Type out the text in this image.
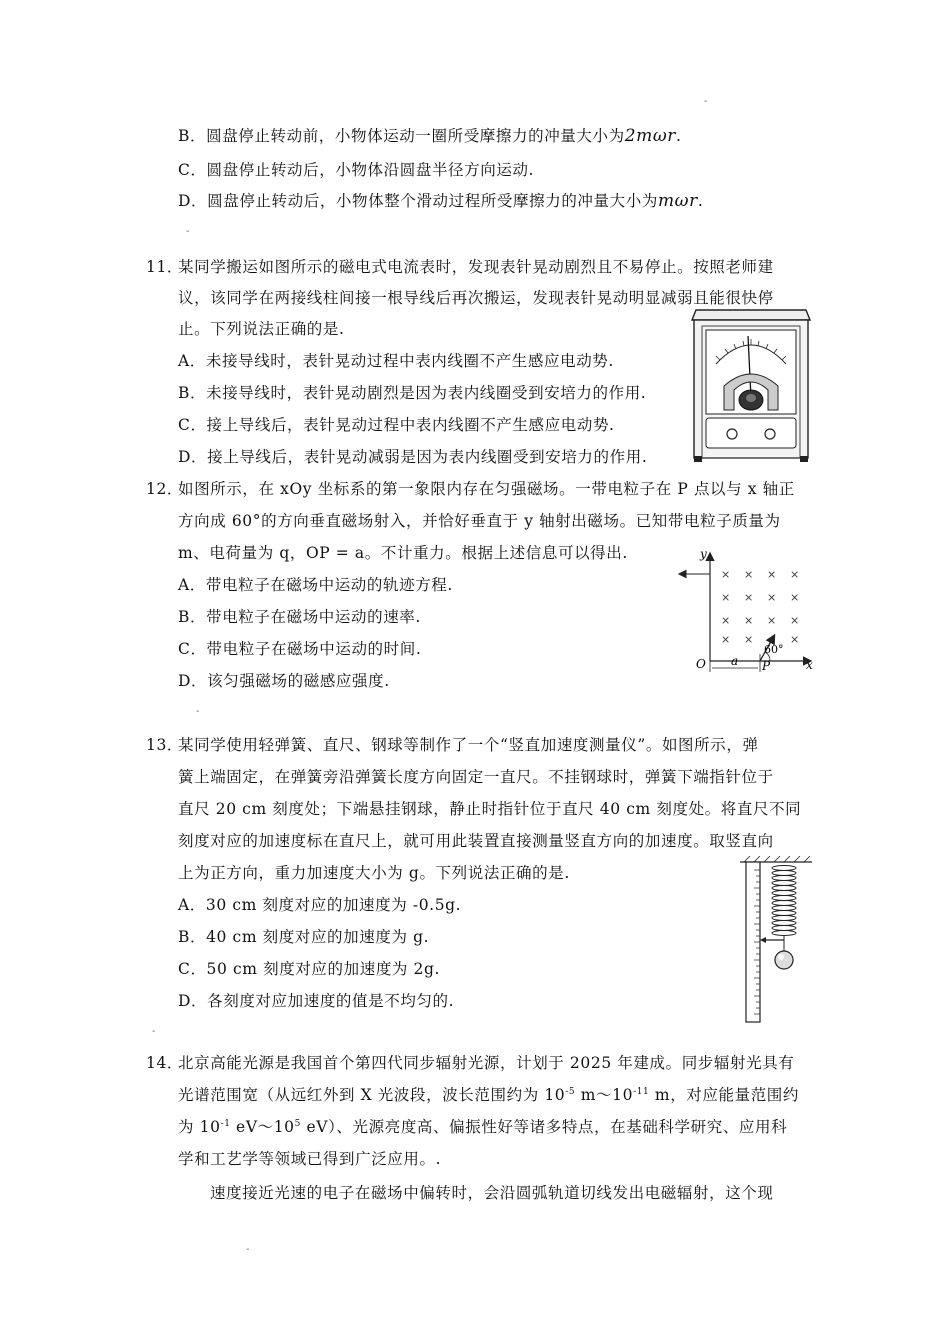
-
-
-
-
-
B．圆盘停止转动前，小物体运动一圈所受摩擦力的冲量大小为2mωr.
C．圆盘停止转动后，小物体沿圆盘半径方向运动.
D．圆盘停止转动后，小物体整个滑动过程所受摩擦力的冲量大小为mωr.
11．
某同学搬运如图所示的磁电式电流表时，发现表针晃动剧烈且不易停止。按照老师建
议，该同学在两接线柱间接一根导线后再次搬运，发现表针晃动明显减弱且能很快停
止。下列说法正确的是.
A．未接导线时，表针晃动过程中表内线圈不产生感应电动势.
B．未接导线时，表针晃动剧烈是因为表内线圈受到安培力的作用.
C．接上导线后，表针晃动过程中表内线圈不产生感应电动势.
D．接上导线后，表针晃动减弱是因为表内线圈受到安培力的作用.
12．
如图所示，在 xOy 坐标系的第一象限内存在匀强磁场。一带电粒子在 P 点以与 x 轴正
方向成 60°的方向垂直磁场射入，并恰好垂直于 y 轴射出磁场。已知带电粒子质量为
m、电荷量为 q，OP = a。不计重力。根据上述信息可以得出.
A．带电粒子在磁场中运动的轨迹方程.
B．带电粒子在磁场中运动的速率.
C．带电粒子在磁场中运动的时间.
D．该匀强磁场的磁感应强度.
y
x
O
× × × ×
× × × ×
× × × ×
× ×	×
60°
a P
13．
某同学使用轻弹簧、直尺、钢球等制作了一个“竖直加速度测量仪”。如图所示，弹
簧上端固定，在弹簧旁沿弹簧长度方向固定一直尺。不挂钢球时，弹簧下端指针位于
直尺 20 cm 刻度处；下端悬挂钢球，静止时指针位于直尺 40 cm 刻度处。将直尺不同
刻度对应的加速度标在直尺上，就可用此装置直接测量竖直方向的加速度。取竖直向
上为正方向，重力加速度大小为 g。下列说法正确的是.
A．30 cm 刻度对应的加速度为 -0.5g.
B．40 cm 刻度对应的加速度为 g.
C．50 cm 刻度对应的加速度为 2g.
D．各刻度对应加速度的值是不均匀的.
14．
北京高能光源是我国首个第四代同步辐射光源，计划于 2025 年建成。同步辐射光具有
光谱范围宽（从远红外到 X 光波段，波长范围约为 $10^{-5}$ $m\sim 10^{-11}$ m，对应能量范围约
为 $10^{-1}$ $eV\sim 10^5$ eV）、光源亮度高、偏振性好等诸多特点，在基础科学研究、应用科
学和工艺学等领域已得到广泛应用。.
速度接近光速的电子在磁场中偏转时，会沿圆弧轨道切线发出电磁辐射，这个现
